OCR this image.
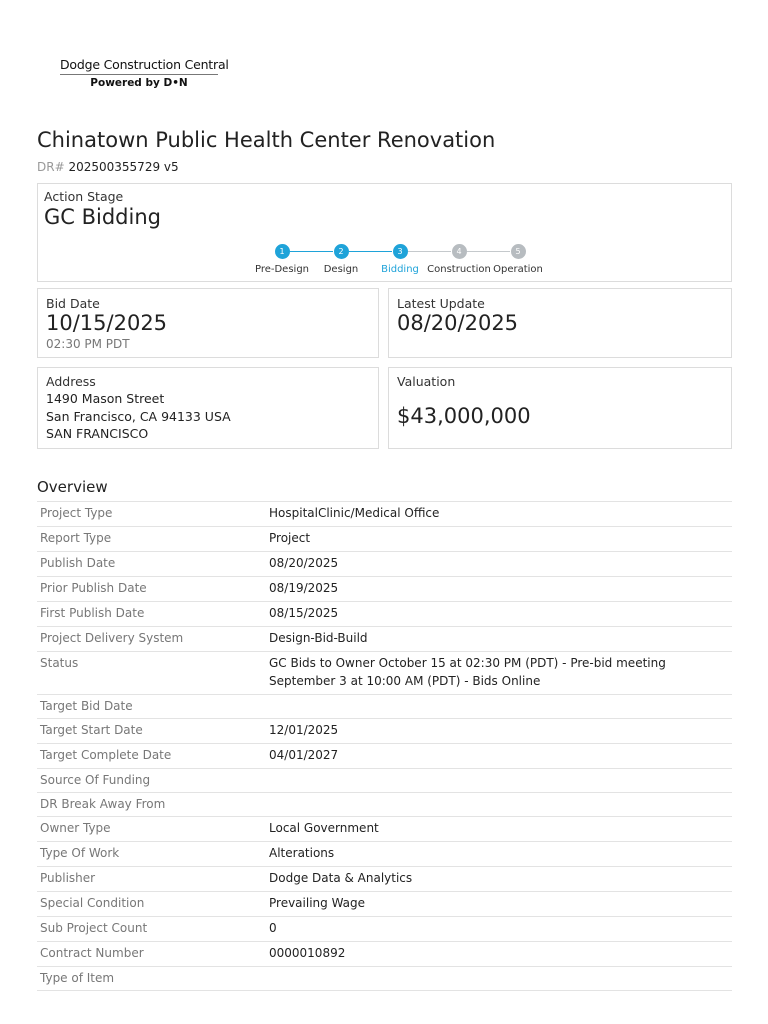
Dodge Construction Central
Powered by D•N
Chinatown Public Health Center Renovation
DR# 202500355729 v5
Action Stage
GC Bidding
1
Pre-Design
2
Design
3
Bidding
4
Construction
5
Operation
Bid Date
10/15/2025
02:30 PM PDT
Latest Update
08/20/2025
Address
1490 Mason Street
San Francisco, CA 94133 USA
SAN FRANCISCO
Valuation
$43,000,000
Overview
Project Type	HospitalClinic/Medical Office
Report Type	Project
Publish Date	08/20/2025
Prior Publish Date	08/19/2025
First Publish Date	08/15/2025
Project Delivery System	Design-Bid-Build
Status	GC Bids to Owner October 15 at 02:30 PM (PDT) - Pre-bid meeting September 3 at 10:00 AM (PDT) - Bids Online
Target Bid Date
Target Start Date	12/01/2025
Target Complete Date	04/01/2027
Source Of Funding
DR Break Away From
Owner Type	Local Government
Type Of Work	Alterations
Publisher	Dodge Data & Analytics
Special Condition	Prevailing Wage
Sub Project Count	0
Contract Number	0000010892
Type of Item
